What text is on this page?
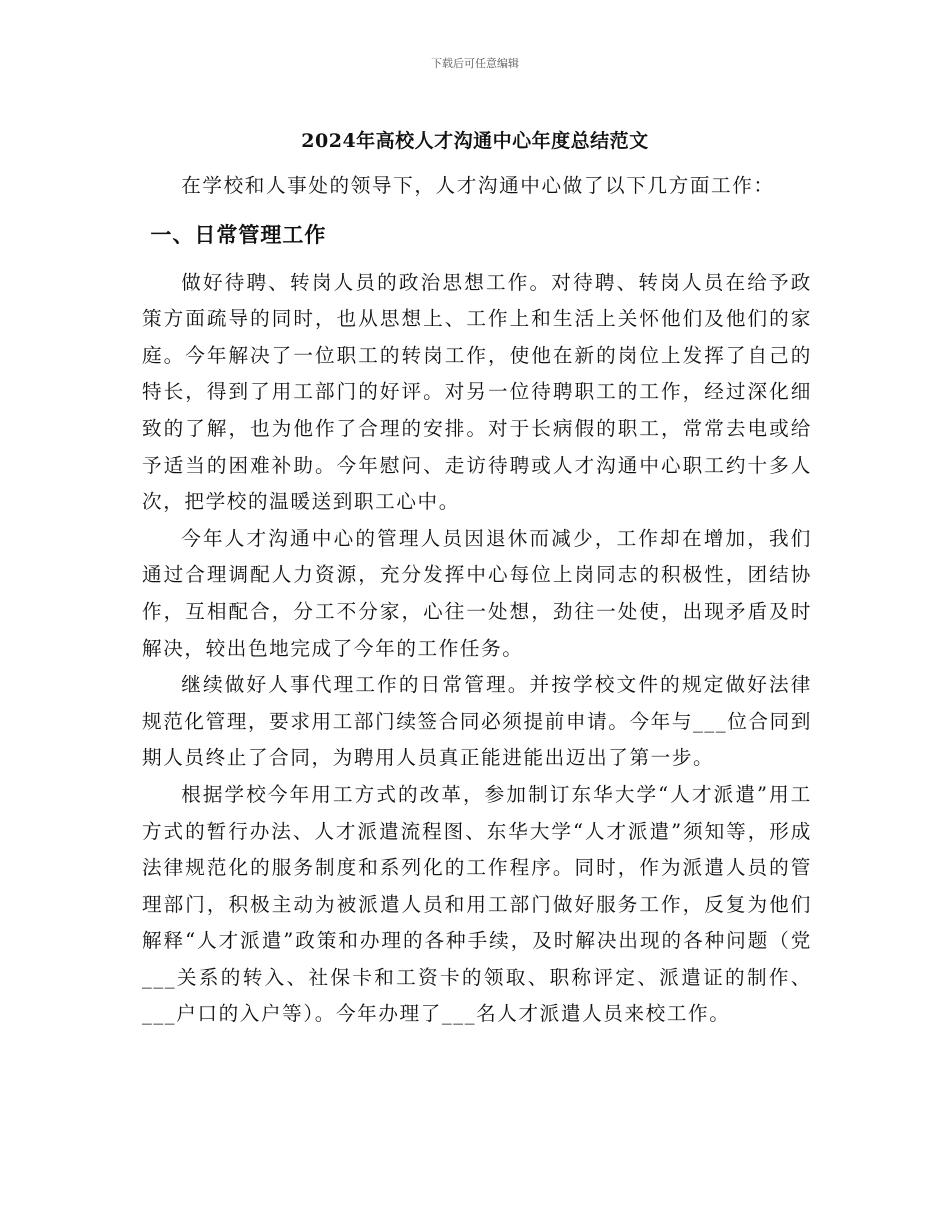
下载后可任意编辑
2024年高校人才沟通中心年度总结范文

在学校和人事处的领导下，人才沟通中心做了以下几方面工作：

一、日常管理工作

做好待聘、转岗人员的政治思想工作。对待聘、转岗人员在给予政策方面疏导的同时，也从思想上、工作上和生活上关怀他们及他们的家庭。今年解决了一位职工的转岗工作，使他在新的岗位上发挥了自己的特长，得到了用工部门的好评。对另一位待聘职工的工作，经过深化细致的了解，也为他作了合理的安排。对于长病假的职工，常常去电或给予适当的困难补助。今年慰问、走访待聘或人才沟通中心职工约十多人次，把学校的温暖送到职工心中。

今年人才沟通中心的管理人员因退休而减少，工作却在增加，我们通过合理调配人力资源，充分发挥中心每位上岗同志的积极性，团结协作，互相配合，分工不分家，心往一处想，劲往一处使，出现矛盾及时解决，较出色地完成了今年的工作任务。

继续做好人事代理工作的日常管理。并按学校文件的规定做好法律规范化管理，要求用工部门续签合同必须提前申请。今年与___位合同到期人员终止了合同，为聘用人员真正能进能出迈出了第一步。

根据学校今年用工方式的改革，参加制订东华大学“人才派遣”用工方式的暂行办法、人才派遣流程图、东华大学“人才派遣”须知等，形成法律规范化的服务制度和系列化的工作程序。同时，作为派遣人员的管理部门，积极主动为被派遣人员和用工部门做好服务工作，反复为他们解释“人才派遣”政策和办理的各种手续，及时解决出现的各种问题（党___关系的转入、社保卡和工资卡的领取、职称评定、派遣证的制作、___户口的入户等）。今年办理了___名人才派遣人员来校工作。
